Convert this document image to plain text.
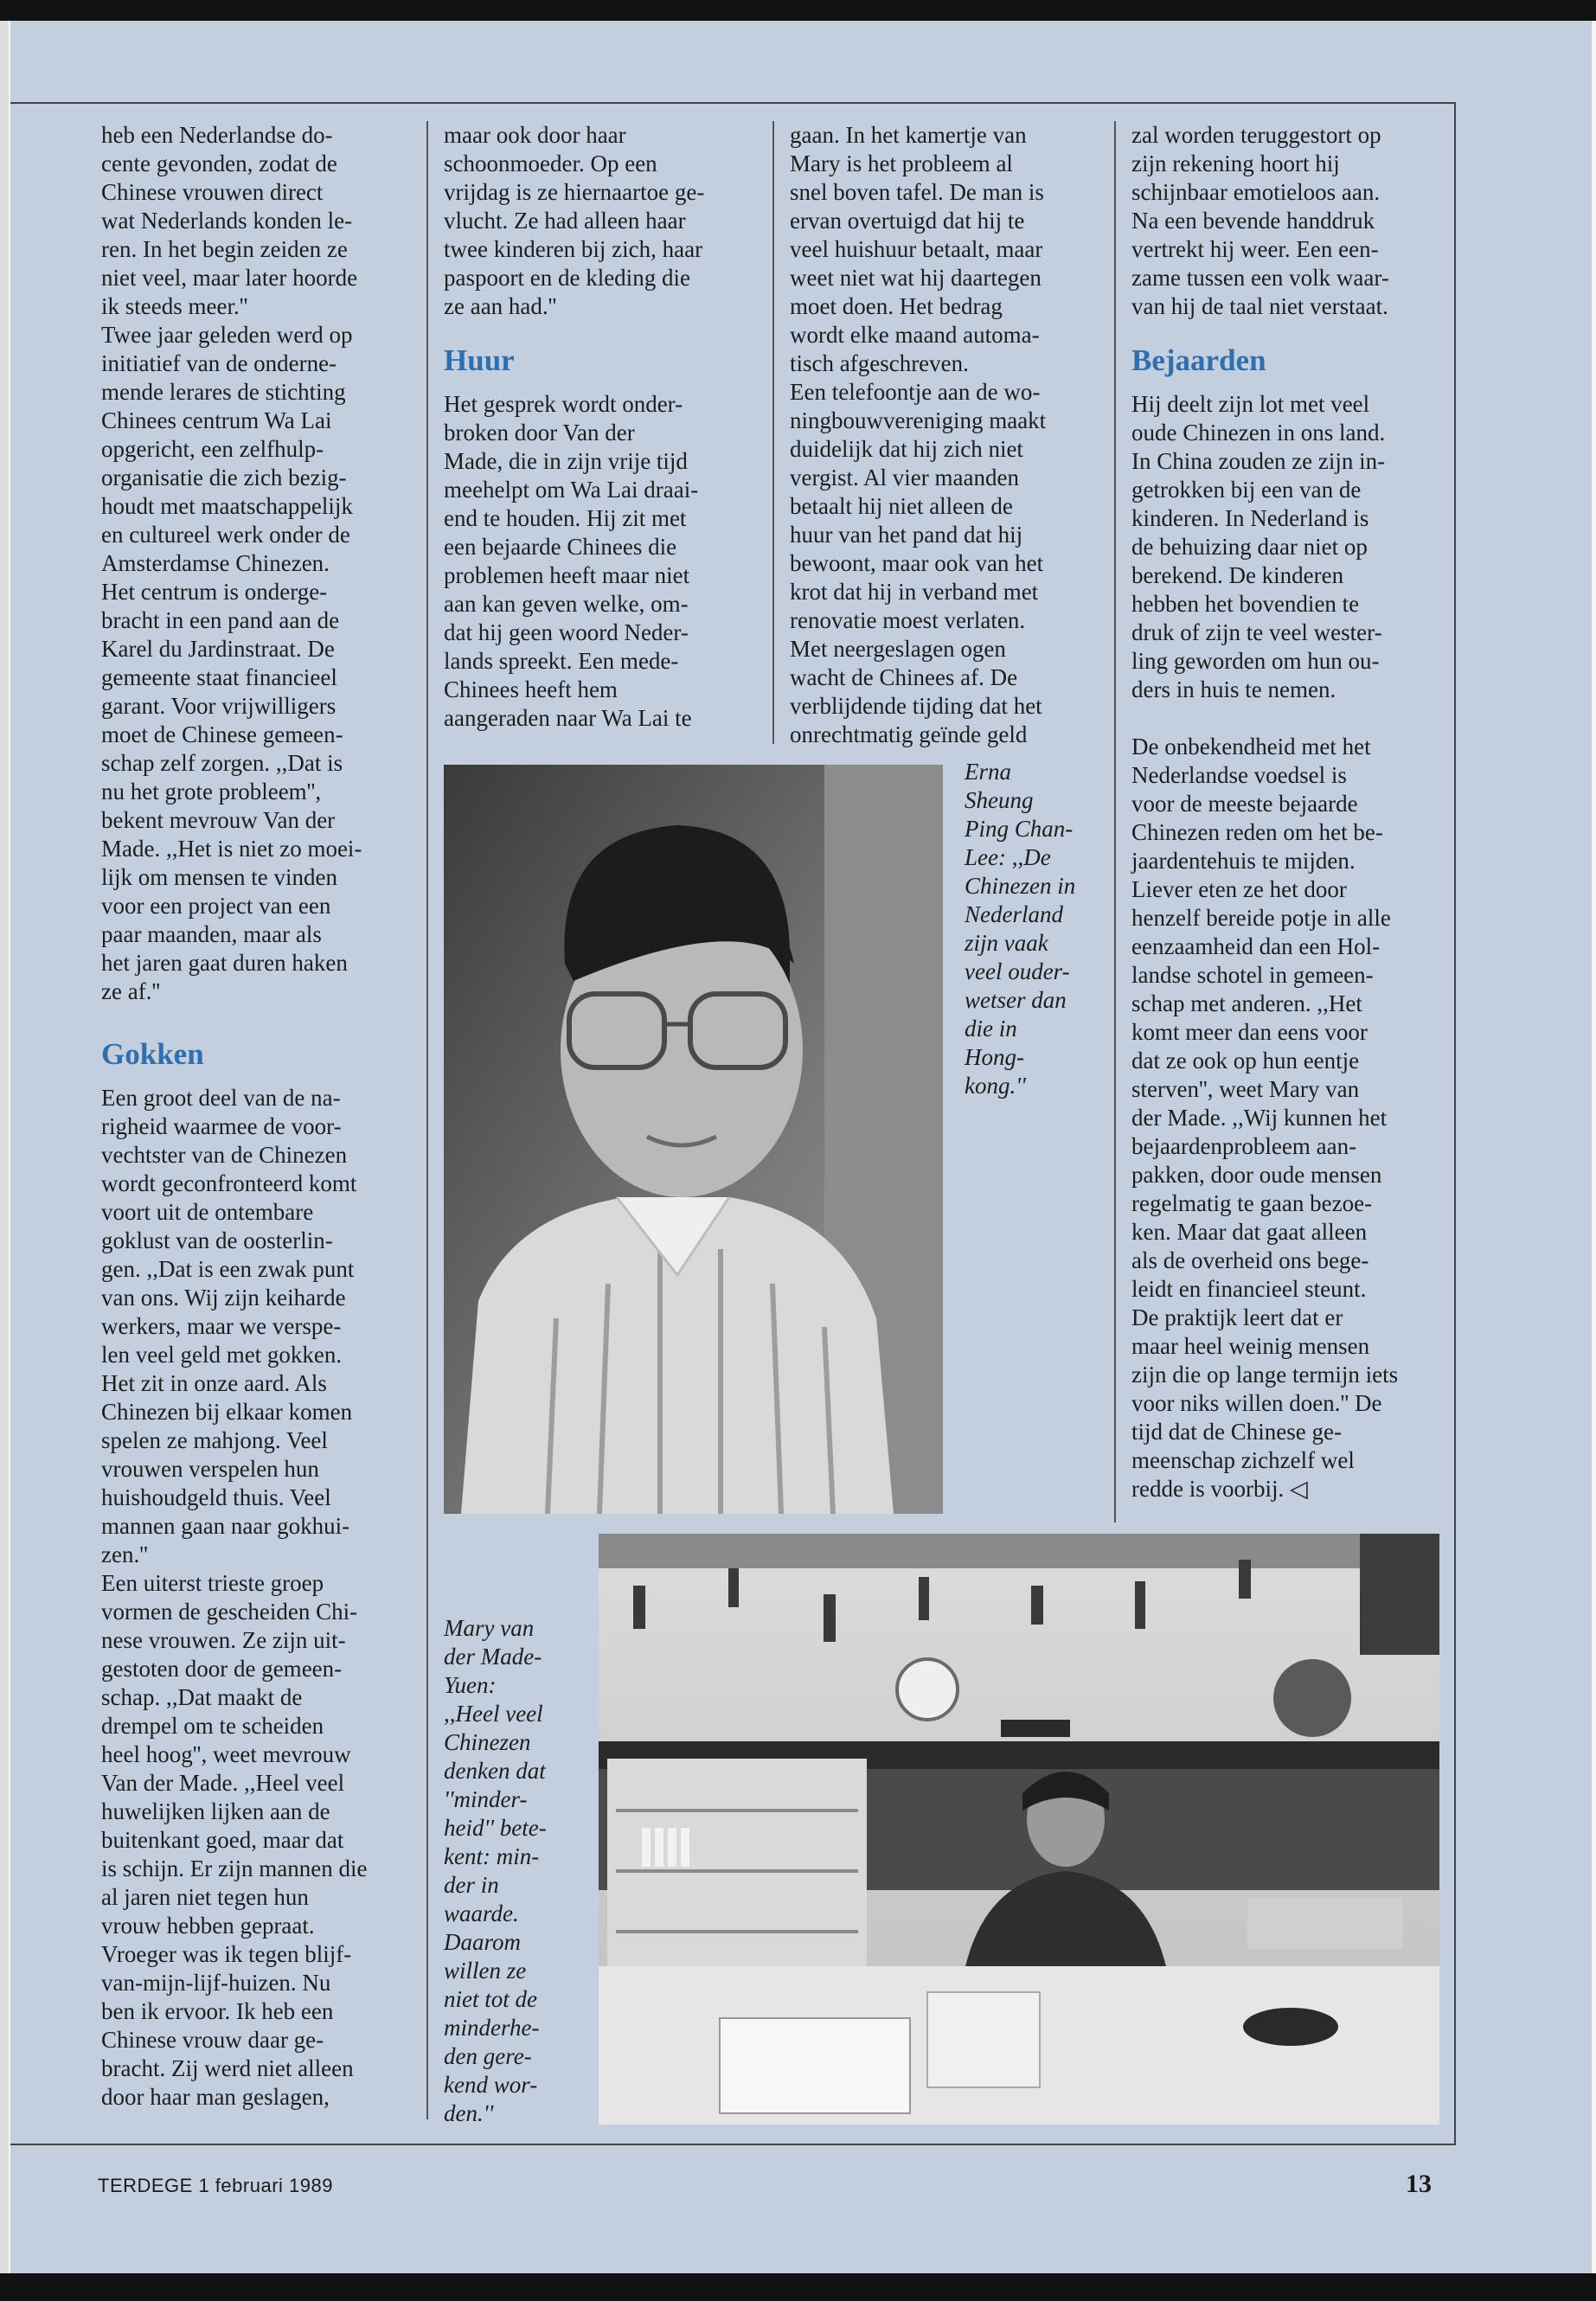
heb een Nederlandse do-
cente gevonden, zodat de
Chinese vrouwen direct
wat Nederlands konden le-
ren. In het begin zeiden ze
niet veel, maar later hoorde
ik steeds meer.''

Twee jaar geleden werd op
initiatief van de onderne-
mende lerares de stichting
Chinees centrum Wa Lai
opgericht, een zelfhulp-
organisatie die zich bezig-
houdt met maatschappelijk
en cultureel werk onder de
Amsterdamse Chinezen.
Het centrum is onderge-
bracht in een pand aan de
Karel du Jardinstraat. De
gemeente staat financieel
garant. Voor vrijwilligers
moet de Chinese gemeen-
schap zelf zorgen. ,,Dat is
nu het grote probleem'',
bekent mevrouw Van der
Made. ,,Het is niet zo moei-
lijk om mensen te vinden
voor een project van een
paar maanden, maar als
het jaren gaat duren haken
ze af.''

Gokken

Een groot deel van de na-
righeid waarmee de voor-
vechtster van de Chinezen
wordt geconfronteerd komt
voort uit de ontembare
goklust van de oosterlin-
gen. ,,Dat is een zwak punt
van ons. Wij zijn keiharde
werkers, maar we verspe-
len veel geld met gokken.
Het zit in onze aard. Als
Chinezen bij elkaar komen
spelen ze mahjong. Veel
vrouwen verspelen hun
huishoudgeld thuis. Veel
mannen gaan naar gokhui-
zen.''

Een uiterst trieste groep
vormen de gescheiden Chi-
nese vrouwen. Ze zijn uit-
gestoten door de gemeen-
schap. ,,Dat maakt de
drempel om te scheiden
heel hoog'', weet mevrouw
Van der Made. ,,Heel veel
huwelijken lijken aan de
buitenkant goed, maar dat
is schijn. Er zijn mannen die
al jaren niet tegen hun
vrouw hebben gepraat.
Vroeger was ik tegen blijf-
van-mijn-lijf-huizen. Nu
ben ik ervoor. Ik heb een
Chinese vrouw daar ge-
bracht. Zij werd niet alleen
door haar man geslagen,

maar ook door haar
schoonmoeder. Op een
vrijdag is ze hiernaartoe ge-
vlucht. Ze had alleen haar
twee kinderen bij zich, haar
paspoort en de kleding die
ze aan had.''

Huur

Het gesprek wordt onder-
broken door Van der
Made, die in zijn vrije tijd
meehelpt om Wa Lai draai-
end te houden. Hij zit met
een bejaarde Chinees die
problemen heeft maar niet
aan kan geven welke, om-
dat hij geen woord Neder-
lands spreekt. Een mede-
Chinees heeft hem
aangeraden naar Wa Lai te

gaan. In het kamertje van
Mary is het probleem al
snel boven tafel. De man is
ervan overtuigd dat hij te
veel huishuur betaalt, maar
weet niet wat hij daartegen
moet doen. Het bedrag
wordt elke maand automa-
tisch afgeschreven.

Een telefoontje aan de wo-
ningbouwvereniging maakt
duidelijk dat hij zich niet
vergist. Al vier maanden
betaalt hij niet alleen de
huur van het pand dat hij
bewoont, maar ook van het
krot dat hij in verband met
renovatie moest verlaten.
Met neergeslagen ogen
wacht de Chinees af. De
verblijdende tijding dat het
onrechtmatig geïnde geld

zal worden teruggestort op
zijn rekening hoort hij
schijnbaar emotieloos aan.
Na een bevende handdruk
vertrekt hij weer. Een een-
zame tussen een volk waar-
van hij de taal niet verstaat.

Bejaarden

Hij deelt zijn lot met veel
oude Chinezen in ons land.
In China zouden ze zijn in-
getrokken bij een van de
kinderen. In Nederland is
de behuizing daar niet op
berekend. De kinderen
hebben het bovendien te
druk of zijn te veel wester-
ling geworden om hun ou-
ders in huis te nemen.

De onbekendheid met het
Nederlandse voedsel is
voor de meeste bejaarde
Chinezen reden om het be-
jaardentehuis te mijden.
Liever eten ze het door
henzelf bereide potje in alle
eenzaamheid dan een Hol-
landse schotel in gemeen-
schap met anderen. ,,Het
komt meer dan eens voor
dat ze ook op hun eentje
sterven'', weet Mary van
der Made. ,,Wij kunnen het
bejaardenprobleem aan-
pakken, door oude mensen
regelmatig te gaan bezoe-
ken. Maar dat gaat alleen
als de overheid ons bege-
leidt en financieel steunt.
De praktijk leert dat er
maar heel weinig mensen
zijn die op lange termijn iets
voor niks willen doen.'' De
tijd dat de Chinese ge-
meenschap zichzelf wel
redde is voorbij. ◁

Erna
Sheung
Ping Chan-
Lee: ,,De
Chinezen in
Nederland
zijn vaak
veel ouder-
wetser dan
die in
Hong-
kong.''

Mary van
der Made-
Yuen:
,,Heel veel
Chinezen
denken dat
''minder-
heid'' bete-
kent: min-
der in
waarde.
Daarom
willen ze
niet tot de
minderhe-
den gere-
kend wor-
den.''

TERDEGE 1 februari 1989	13
